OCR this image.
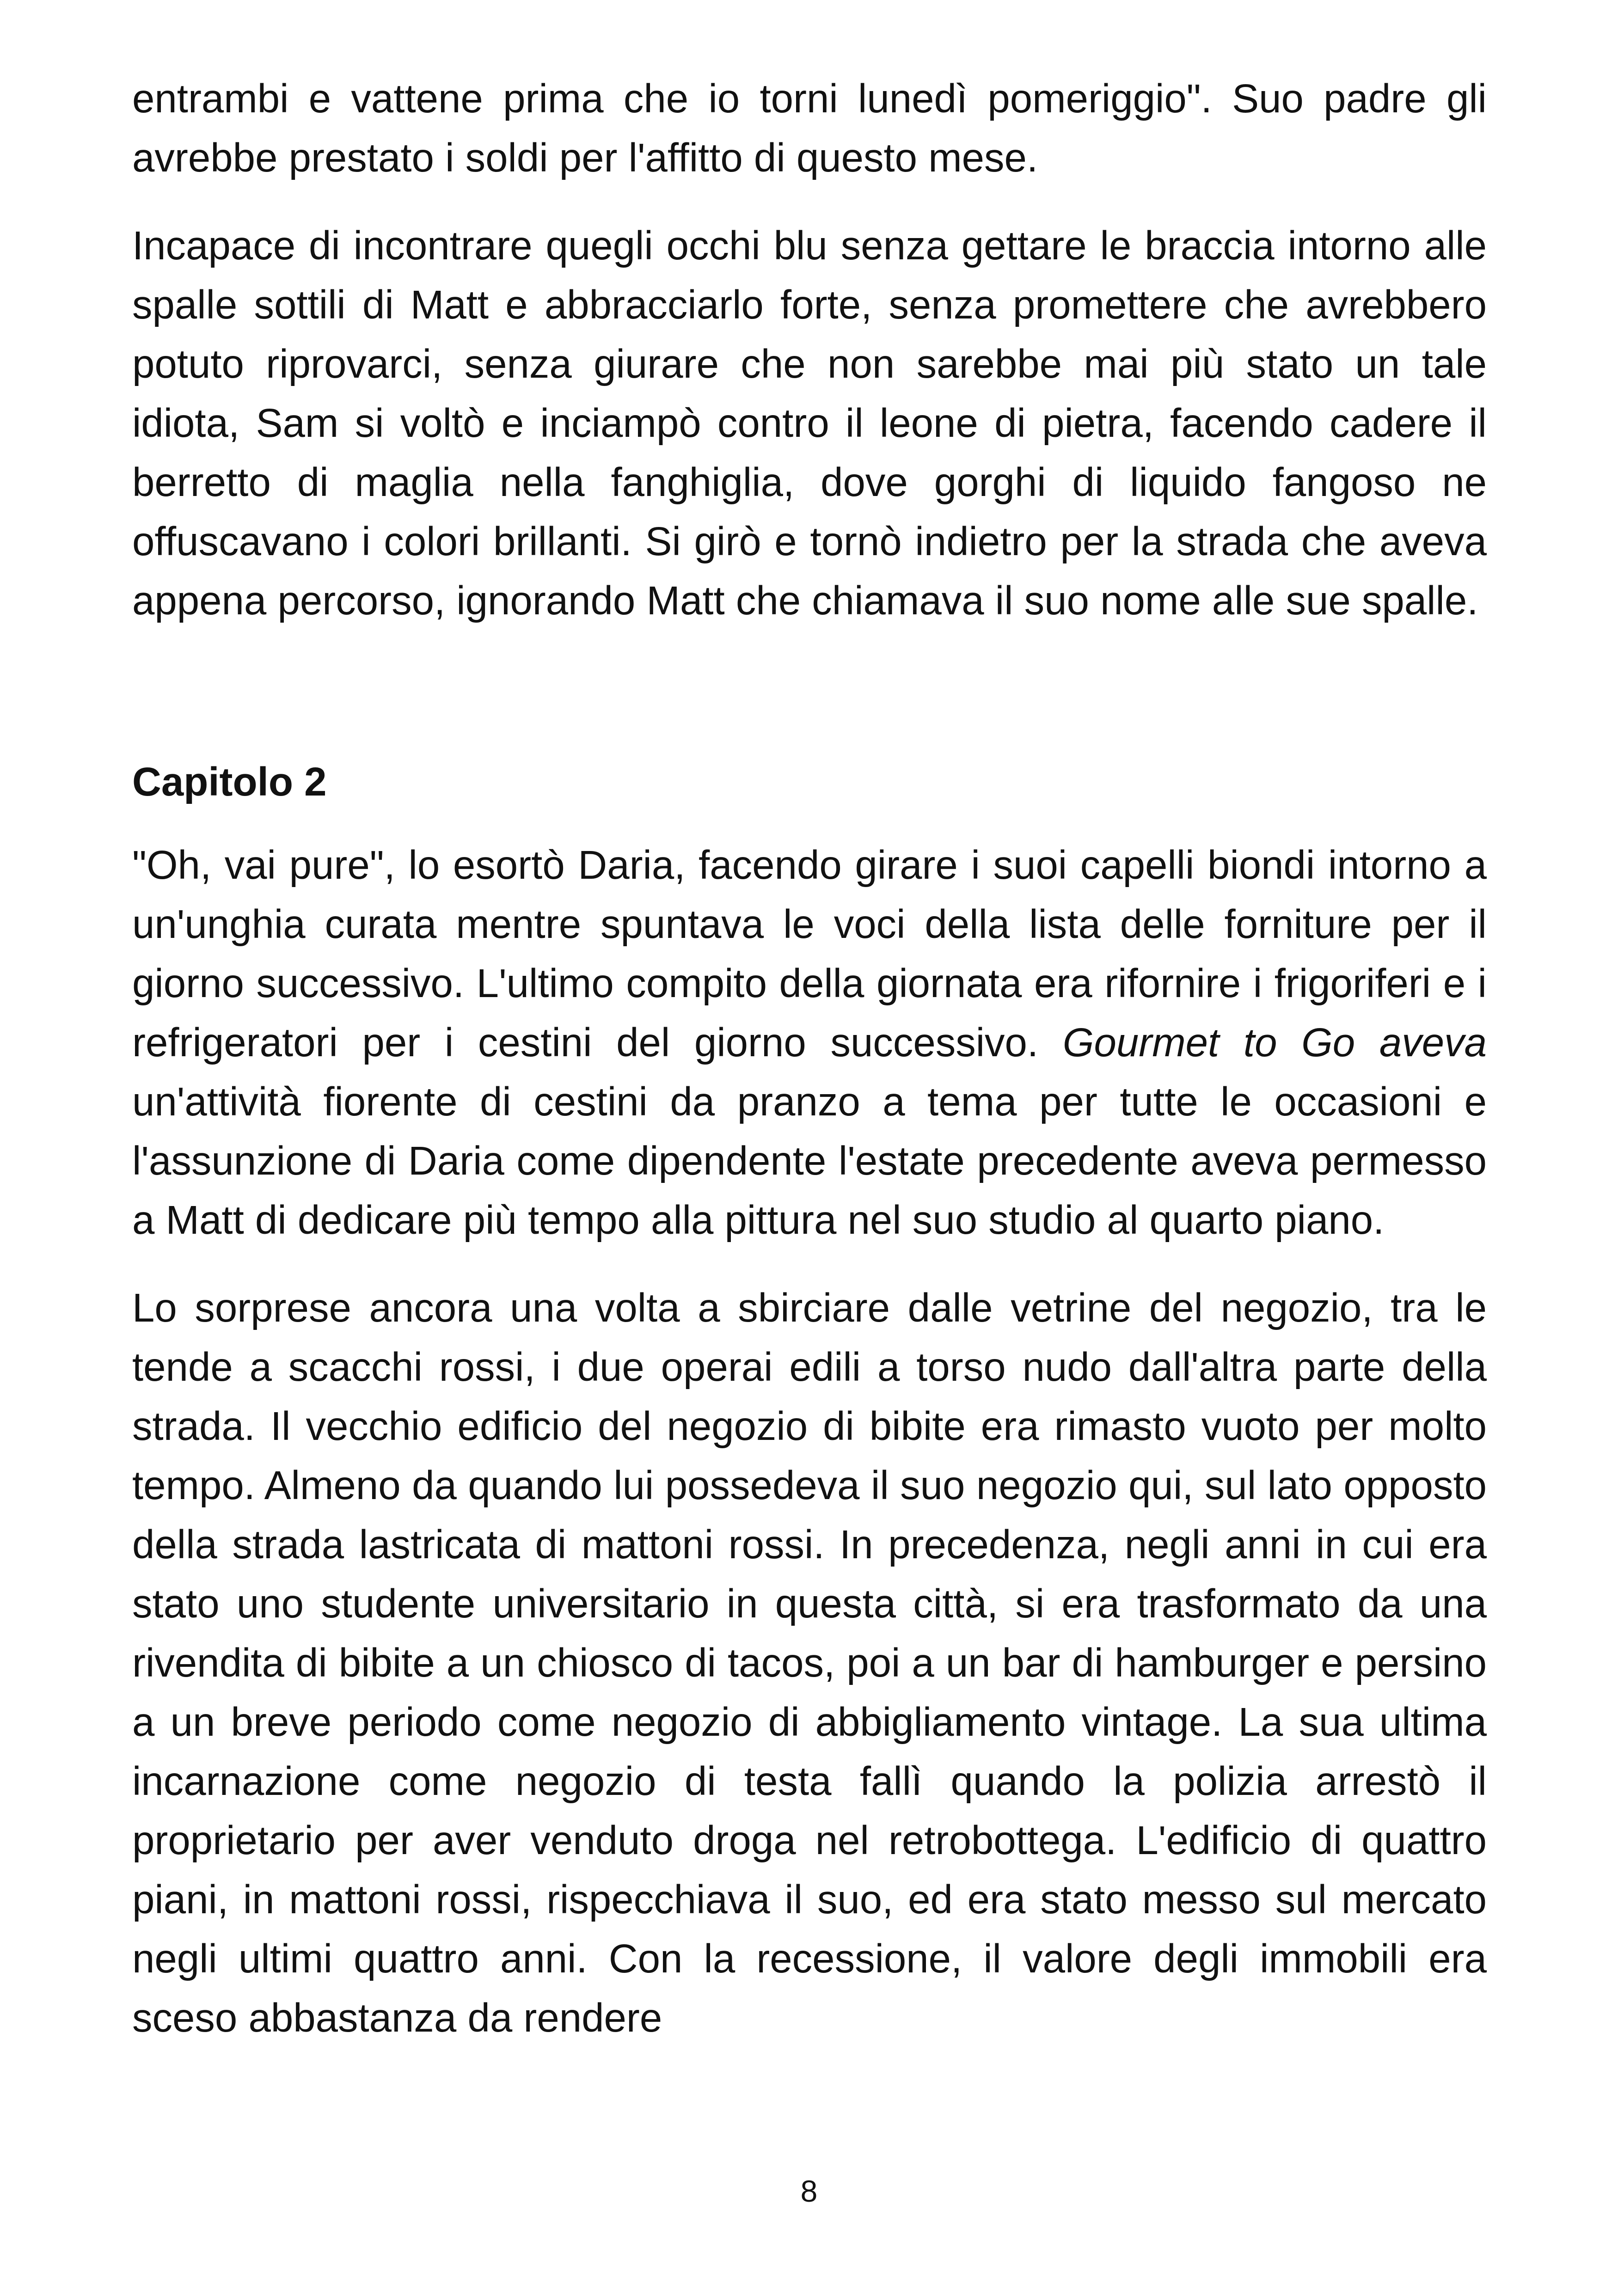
entrambi e vattene prima che io torni lunedì pomeriggio". Suo padre gli avrebbe prestato i soldi per l'affitto di questo mese.

Incapace di incontrare quegli occhi blu senza gettare le braccia intorno alle spalle sottili di Matt e abbracciarlo forte, senza promettere che avrebbero potuto riprovarci, senza giurare che non sarebbe mai più stato un tale idiota, Sam si voltò e inciampò contro il leone di pietra, facendo cadere il berretto di maglia nella fanghiglia, dove gorghi di liquido fangoso ne offuscavano i colori brillanti. Si girò e tornò indietro per la strada che aveva appena percorso, ignorando Matt che chiamava il suo nome alle sue spalle.

Capitolo 2

"Oh, vai pure", lo esortò Daria, facendo girare i suoi capelli biondi intorno a un'unghia curata mentre spuntava le voci della lista delle forniture per il giorno successivo. L'ultimo compito della giornata era rifornire i frigoriferi e i refrigeratori per i cestini del giorno successivo. Gourmet to Go aveva un'attività fiorente di cestini da pranzo a tema per tutte le occasioni e l'assunzione di Daria come dipendente l'estate precedente aveva permesso a Matt di dedicare più tempo alla pittura nel suo studio al quarto piano.

Lo sorprese ancora una volta a sbirciare dalle vetrine del negozio, tra le tende a scacchi rossi, i due operai edili a torso nudo dall'altra parte della strada. Il vecchio edificio del negozio di bibite era rimasto vuoto per molto tempo. Almeno da quando lui possedeva il suo negozio qui, sul lato opposto della strada lastricata di mattoni rossi. In precedenza, negli anni in cui era stato uno studente universitario in questa città, si era trasformato da una rivendita di bibite a un chiosco di tacos, poi a un bar di hamburger e persino a un breve periodo come negozio di abbigliamento vintage. La sua ultima incarnazione come negozio di testa fallì quando la polizia arrestò il proprietario per aver venduto droga nel retrobottega. L'edificio di quattro piani, in mattoni rossi, rispecchiava il suo, ed era stato messo sul mercato negli ultimi quattro anni. Con la recessione, il valore degli immobili era sceso abbastanza da rendere

8
